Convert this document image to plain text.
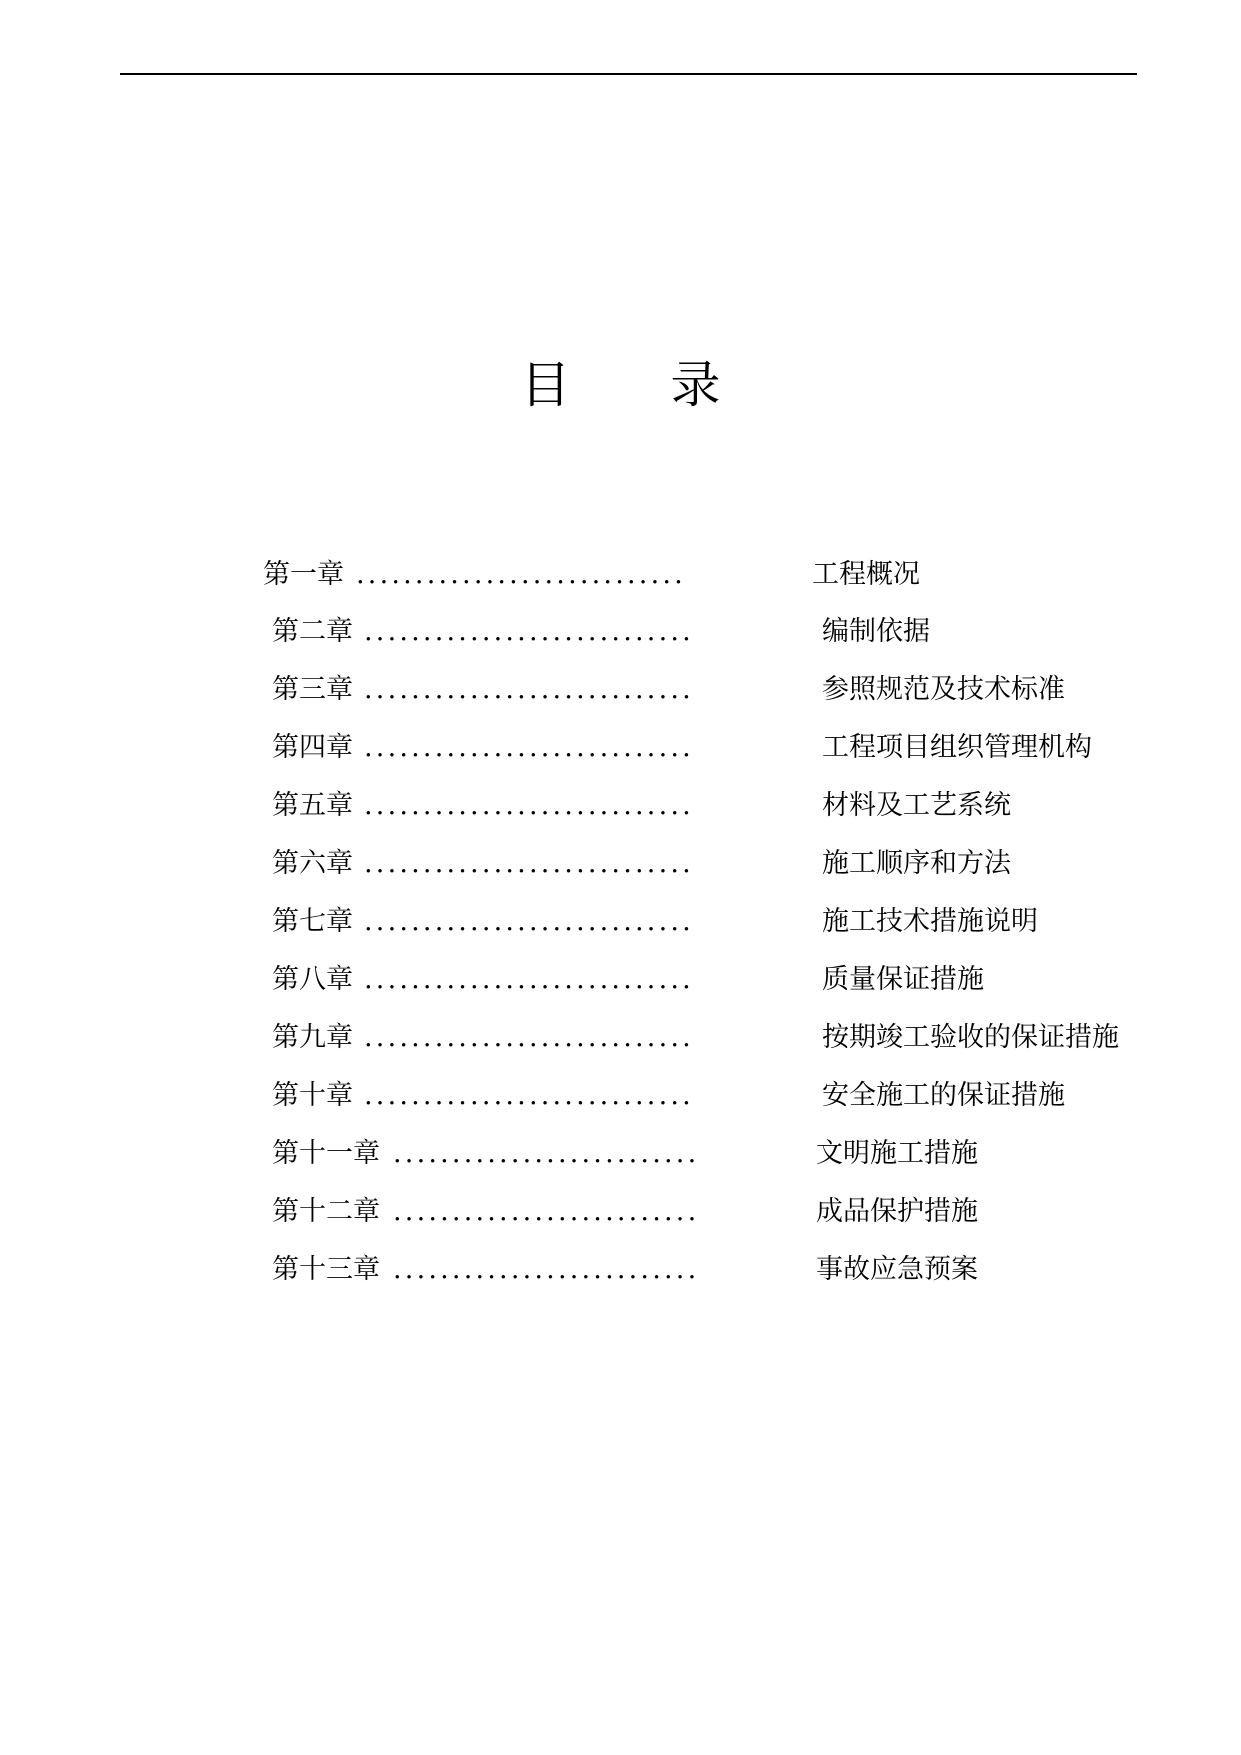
目 录
第一章 ............................	工程概况
第二章 ............................	编制依据
第三章 ............................	参照规范及技术标准
第四章 ............................	工程项目组织管理机构
第五章 ............................	材料及工艺系统
第六章 ............................	施工顺序和方法
第七章 ............................	施工技术措施说明
第八章 ............................	质量保证措施
第九章 ............................	按期竣工验收的保证措施
第十章 ............................	安全施工的保证措施
第十一章 ..........................	文明施工措施
第十二章 ..........................	成品保护措施
第十三章 ..........................	事故应急预案
